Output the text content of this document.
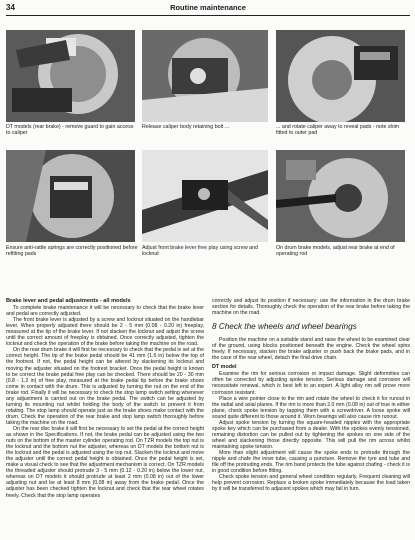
34	Routine maintenance
DT models (rear brake) - remove guard to gain access to caliper
Release caliper body retaining bolt ...	... and rotate caliper away to reveal pads - note shim fitted to outer pad
Ensure anti-rattle springs are correctly positioned before refitting pads
Adjust front brake lever free play using screw and locknut
On drum brake models, adjust rear brake at end of operating rod
Brake lever and pedal adjustments - all models

To complete brake maintenance it will be necessary to check that the brake lever and pedal are correctly adjusted.

The front brake lever is adjusted by a screw and locknut situated on the handlebar lever. When properly adjusted there should be 2 - 5 mm (0.08 - 0.20 in) freeplay, measured at the tip of the brake lever. If not slacken the locknut and adjust the screw until the correct amount of freeplay is obtained. Once correctly adjusted, tighten the locknut and check the operation of the brake before taking the machine on the road.

On the rear drum brake it will first be necessary to check that the pedal is set at the correct height. The tip of the brake pedal should be 41 mm (1.6 in) below the top of the footrest. If not, the pedal height can be altered by slackening its locknut and moving the adjuster situated on the footrest bracket. Once the pedal height is known to be correct the brake pedal free play can be checked. There should be 20 - 30 mm (0.8 - 1.2 in) of free play, measured at the brake pedal tip before the brake shoes come in contact with the drum. This is adjusted by turning the nut on the end of the brake rod. Finally it will be necessary to check the stop lamp switch setting whenever any adjustment is carried out on the brake pedal. The switch can be adjusted by turning its mounting nut whilst holding the body of the switch to prevent it from rotating. The stop lamp should operate just as the brake shoes make contact with the drum. Check the operation of the rear brake and stop lamp switch thoroughly before taking the machine on the road.

On the rear disc brake it will first be necessary to set the pedal at the correct height as shown in the Specifications. If not, the brake pedal can be adjusted using the two nuts on the bottom of the master cylinder operating rod. On TZR models the top nut is the locknut and the bottom nut the adjuster, whereas on DT models the bottom nut is the locknut and the pedal is adjusted using the top nut. Slacken the locknut and move the adjuster until the correct pedal height is obtained. Once the pedal height is set, make a visual check to see that the adjustment mechanism is correct. On TZR models the threaded adjuster should protrude 3 - 5 mm (0.12 - 0.20 in) below the lower nut, whereas on DT models it should protrude at least 2 mm (0.08 in) out of the lower adjusting nut and be at least 8 mm (0.08 in) away from the brake pedal. Once the adjuster has been checked tighten the locknut and check that the rear wheel rotates freely. Check that the stop lamp operates

correctly and adjust its position if necessary: use the information in the drum brake section for details. Thoroughly check the operation of the rear brake before taking the machine on the road.

8 Check the wheels and wheel bearings

Position the machine on a suitable stand and raise the wheel to be examined clear of the ground, using blocks positioned beneath the engine. Check the wheel spins freely. If necessary, slacken the brake adjuster or push back the brake pads, and in the case of the rear wheel, detach the final drive chain.

DT model

Examine the rim for serious corrosion or impact damage. Slight deformities can often be corrected by adjusting spoke tension. Serious damage and corrosion will necessitate renewal, which is best left to an expert. A light alloy rim will prove more corrosion resistant.

Place a wire pointer close to the rim and rotate the wheel to check it for runout in the radial and axial planes. If the rim is more than 2.0 mm (0.08 in) out of true in either plane, check spoke tension by tapping them with a screwdriver. A loose spoke will sound quite different to those around it. Worn bearings will also cause rim runout.

Adjust spoke tension by turning the square-headed nipples with the appropriate spoke key which can be purchased from a dealer. With the spokes evenly tensioned, remaining distortion can be pulled out by tightening the spokes on one side of the wheel and slackening those directly opposite. This will pull the rim across whilst maintaining spoke tension.

More than slight adjustment will cause the spoke ends to protrude through the nipple and chafe the inner tube, causing a puncture. Remove the tyre and tube and file off the protruding ends. The rim band protects the tube against chafing - check it is in good condition before fitting.

Check spoke tension and general wheel condition regularly. Frequent cleaning will help prevent corrosion. Replace a broken spoke immediately because the load taken by it will be transferred to adjacent spokes which may fail in turn.
